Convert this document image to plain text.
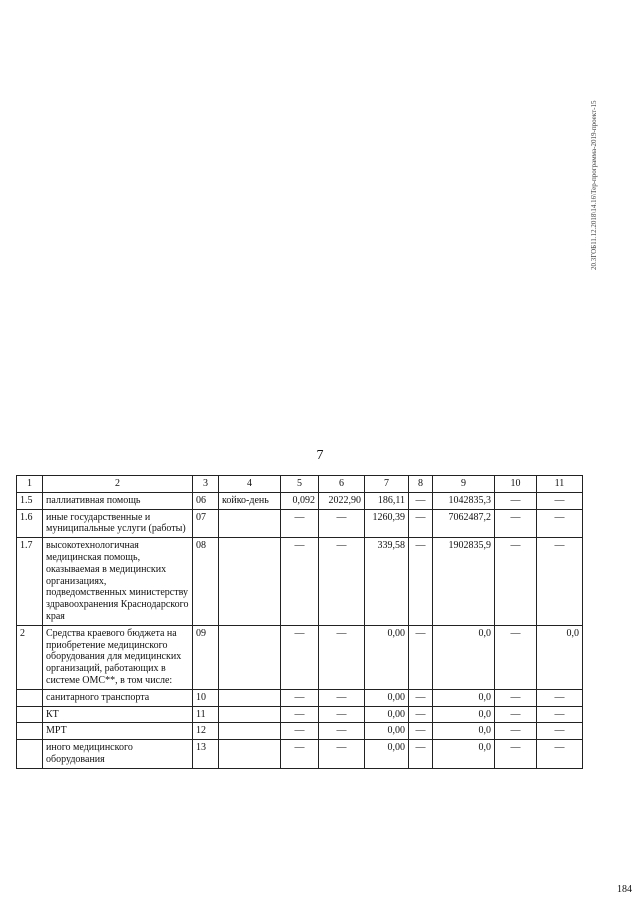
7
20.3ГОБ11.12.2018\14.16\Тер-программа-2019-проект-15
1	2	3	4	5	6	7	8	9	10	11
1.5	паллиативная помощь	06	койко-день	0,092	2022,90	186,11	—	1042835,3	—	—
1.6	иные государственные и муниципальные услуги (работы)	07		—	—	1260,39	—	7062487,2	—	—
1.7	высокотехнологичная медицинская помощь, оказываемая в медицинских организациях, подведомственных министерству здравоохранения Краснодарского края	08		—	—	339,58	—	1902835,9	—	—
2	Средства краевого бюджета на приобретение медицинского оборудования для медицинских организаций, работающих в системе ОМС**, в том числе:	09		—	—	0,00	—	0,0	—	0,0
	санитарного транспорта	10		—	—	0,00	—	0,0	—	—
	КТ	11		—	—	0,00	—	0,0	—	—
	МРТ	12		—	—	0,00	—	0,0	—	—
	иного медицинского оборудования	13		—	—	0,00	—	0,0	—	—
184
